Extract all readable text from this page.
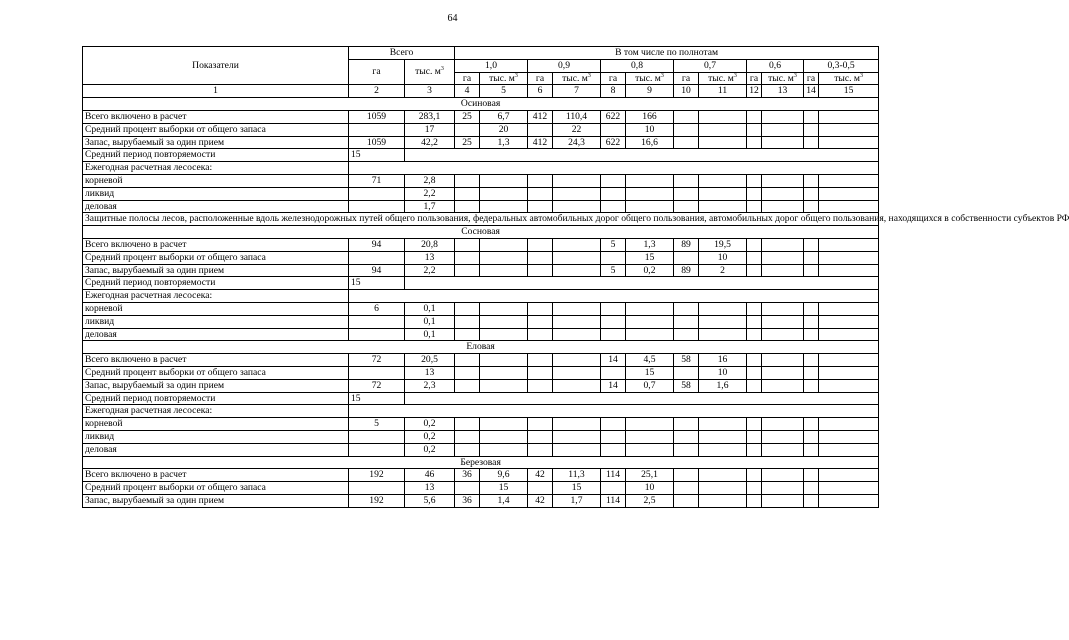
64
Показатели	Всего		В том числе по полнотам											
	га	тыс. $м^3$	1,0		0,9		0,8		0,7		0,6		0,3-0,5	
			га	тыс. $м^3$	га	тыс. $м^3$	га	тыс. $м^3$	га	тыс. $м^3$	га	тыс. $м^3$	га	тыс. $м^3$
1	2	3	4	5	6	7	8	9	10	11	12	13	14	15
Осиновая														
Всего включено в расчет	1059	283,1	25	6,7	412	110,4	622	166						
Средний процент выборки от общего запаса		17		20		22		10						
Запас, вырубаемый за один прием	1059	42,2	25	1,3	412	24,3	622	16,6						
Средний период повторяемости	15													
Ежегодная расчетная лесосека:														
корневой	71	2,8												
ликвид		2,2												
деловая		1,7												
Защитные полосы лесов, расположенные вдоль железнодорожных путей общего пользования, федеральных автомобильных дорог общего пользования, автомобильных дорог общего пользования, находящихся в собственности субъектов РФ														
Сосновая														
Всего включено в расчет	94	20,8					5	1,3	89	19,5				
Средний процент выборки от общего запаса		13						15		10				
Запас, вырубаемый за один прием	94	2,2					5	0,2	89	2				
Средний период повторяемости	15													
Ежегодная расчетная лесосека:														
корневой	6	0,1												
ликвид		0,1												
деловая		0,1												
Еловая														
Всего включено в расчет	72	20,5					14	4,5	58	16				
Средний процент выборки от общего запаса		13						15		10				
Запас, вырубаемый за один прием	72	2,3					14	0,7	58	1,6				
Средний период повторяемости	15													
Ежегодная расчетная лесосека:														
корневой	5	0,2												
ликвид		0,2												
деловая		0,2												
Березовая														
Всего включено в расчет	192	46	36	9,6	42	11,3	114	25,1						
Средний процент выборки от общего запаса		13		15		15		10						
Запас, вырубаемый за один прием	192	5,6	36	1,4	42	1,7	114	2,5						
